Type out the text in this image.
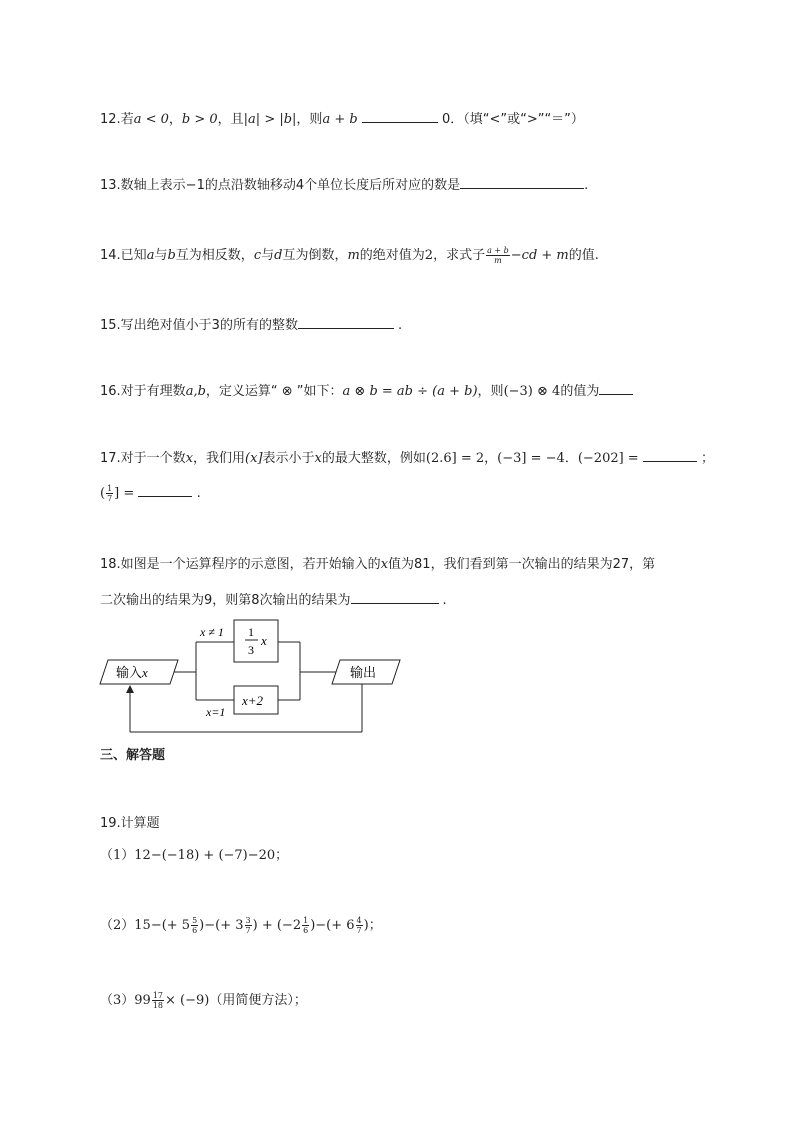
12.若a < 0，b > 0，且|a| > |b|，则a + b	0．（填“<”或“>”“＝”）
13.数轴上表示−1的点沿数轴移动4个单位长度后所对应的数是	.
14.已知a与b互为相反数，c与d互为倒数，m的绝对值为2，求式子 $\frac{a + b}{m} -cd + m$的值.
15.写出绝对值小于3的所有的整数	.
16.对于有理数a,b，定义运算“ ⊗ ”如下：a ⊗ b = ab ÷ (a + b)，则(−3) ⊗ 4的值为
17.对于一个数x，我们用(x]表示小于x的最大整数，例如(2.6] = 2，(−3] = −4．(−202] =	；
( $\frac{1}{7}$ ] =	.
18.如图是一个运算程序的示意图，若开始输入的x值为81，我们看到第一次输出的结果为27，第
二次输出的结果为9，则第8次输出的结果为	.
输入x
1
3
x
x+2
x ≠ 1
x=1
输出
三、解答题
19.计算题
（1）12−(−18) + (−7)−20；
$(2)15-(+ 5 \frac{5}{6}$ )−(+ $3 \frac{3}{7}$ ) + ($-2 \frac{1}{6}$ )−(+ $6 \frac{4}{7}$ )；
$(3)99 \frac{17}{18} \times (-9)$（用简便方法）；
